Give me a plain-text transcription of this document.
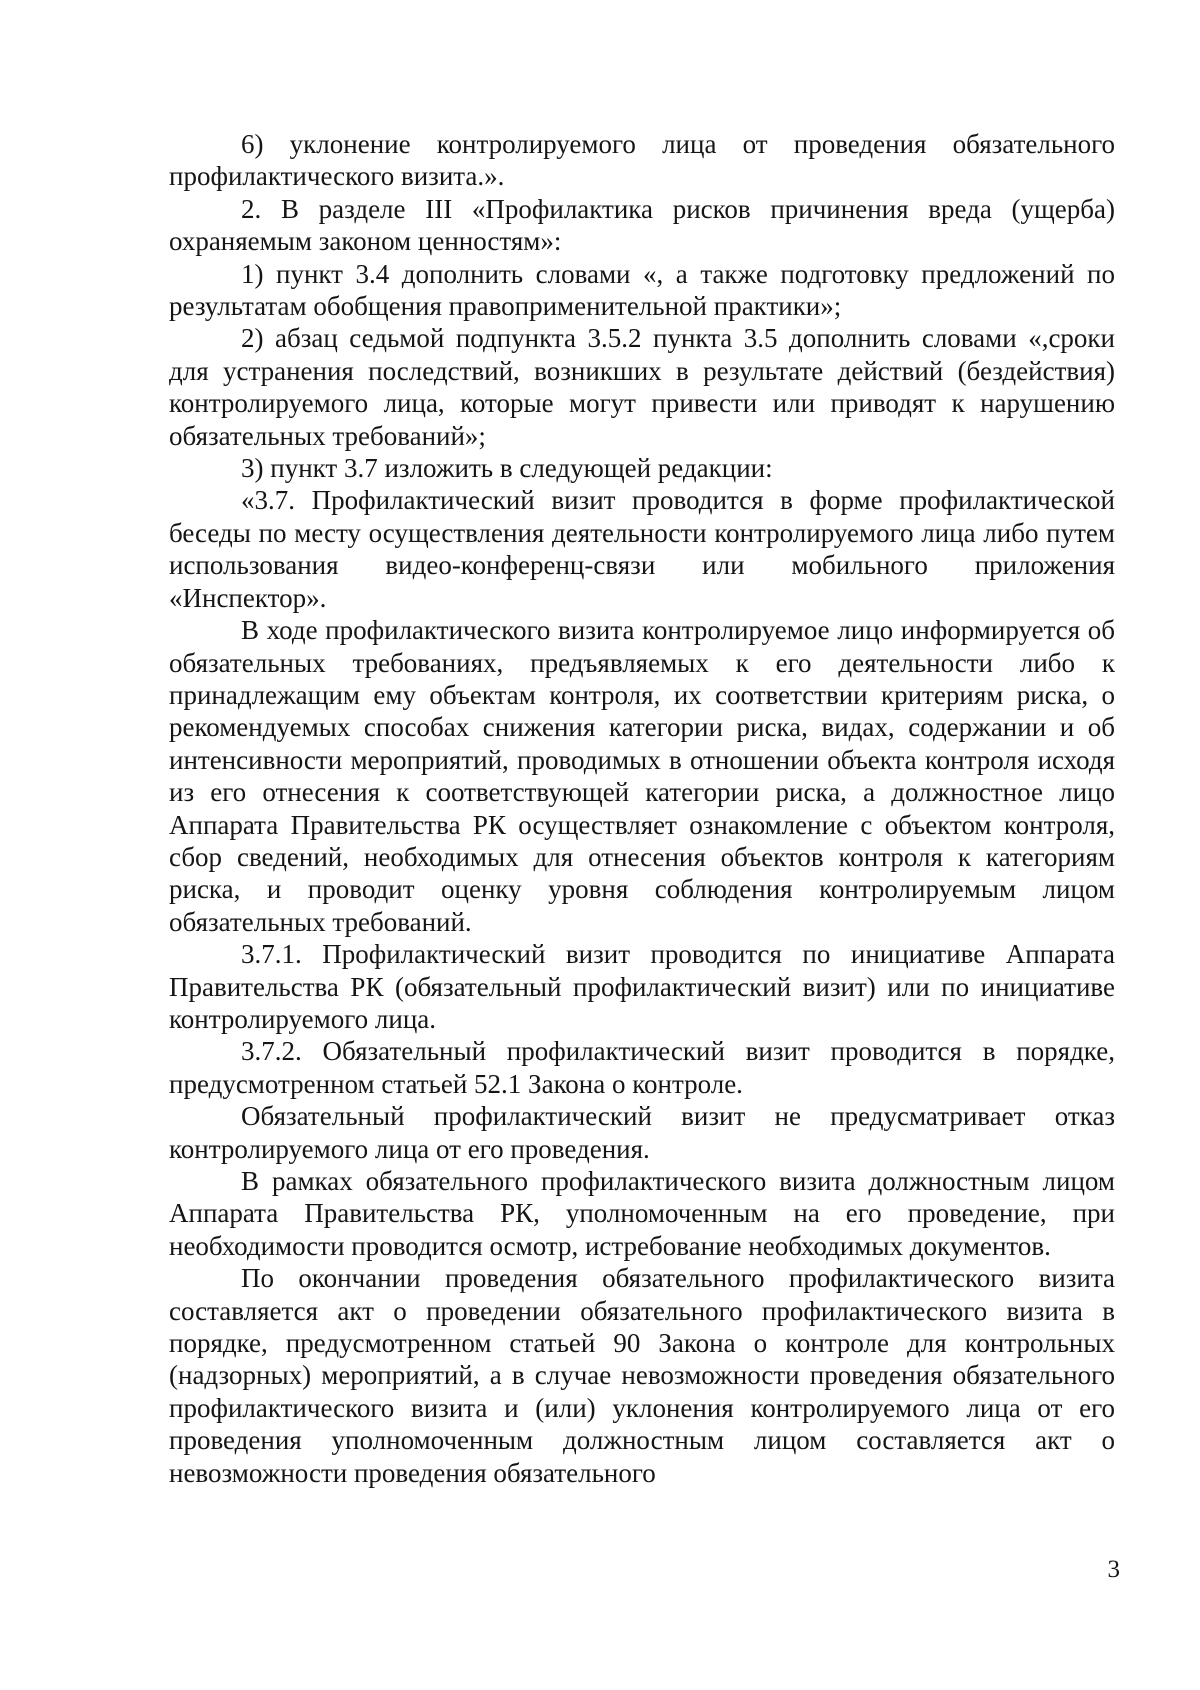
6) уклонение контролируемого лица от проведения обязательного профилактического визита.».

2. В разделе III «Профилактика рисков причинения вреда (ущерба) охраняемым законом ценностям»:

1) пункт 3.4 дополнить словами «, а также подготовку предложений по результатам обобщения правоприменительной практики»;

2) абзац седьмой подпункта 3.5.2 пункта 3.5 дополнить словами «,сроки для устранения последствий, возникших в результате действий (бездействия) контролируемого лица, которые могут привести или приводят к нарушению обязательных требований»;

3) пункт 3.7 изложить в следующей редакции:

«3.7. Профилактический визит проводится в форме профилактической беседы по месту осуществления деятельности контролируемого лица либо путем использования видео-конференц-связи или мобильного приложения «Инспектор».

В ходе профилактического визита контролируемое лицо информируется об обязательных требованиях, предъявляемых к его деятельности либо к принадлежащим ему объектам контроля, их соответствии критериям риска, о рекомендуемых способах снижения категории риска, видах, содержании и об интенсивности мероприятий, проводимых в отношении объекта контроля исходя из его отнесения к соответствующей категории риска, а должностное лицо Аппарата Правительства РК осуществляет ознакомление с объектом контроля, сбор сведений, необходимых для отнесения объектов контроля к категориям риска, и проводит оценку уровня соблюдения контролируемым лицом обязательных требований.

3.7.1. Профилактический визит проводится по инициативе Аппарата Правительства РК (обязательный профилактический визит) или по инициативе контролируемого лица.

3.7.2. Обязательный профилактический визит проводится в порядке, предусмотренном статьей 52.1 Закона о контроле.

Обязательный профилактический визит не предусматривает отказ контролируемого лица от его проведения.

В рамках обязательного профилактического визита должностным лицом Аппарата Правительства РК, уполномоченным на его проведение, при необходимости проводится осмотр, истребование необходимых документов.

По окончании проведения обязательного профилактического визита составляется акт о проведении обязательного профилактического визита в порядке, предусмотренном статьей 90 Закона о контроле для контрольных (надзорных) мероприятий, а в случае невозможности проведения обязательного профилактического визита и (или) уклонения контролируемого лица от его проведения уполномоченным должностным лицом составляется акт о невозможности проведения обязательного

3
